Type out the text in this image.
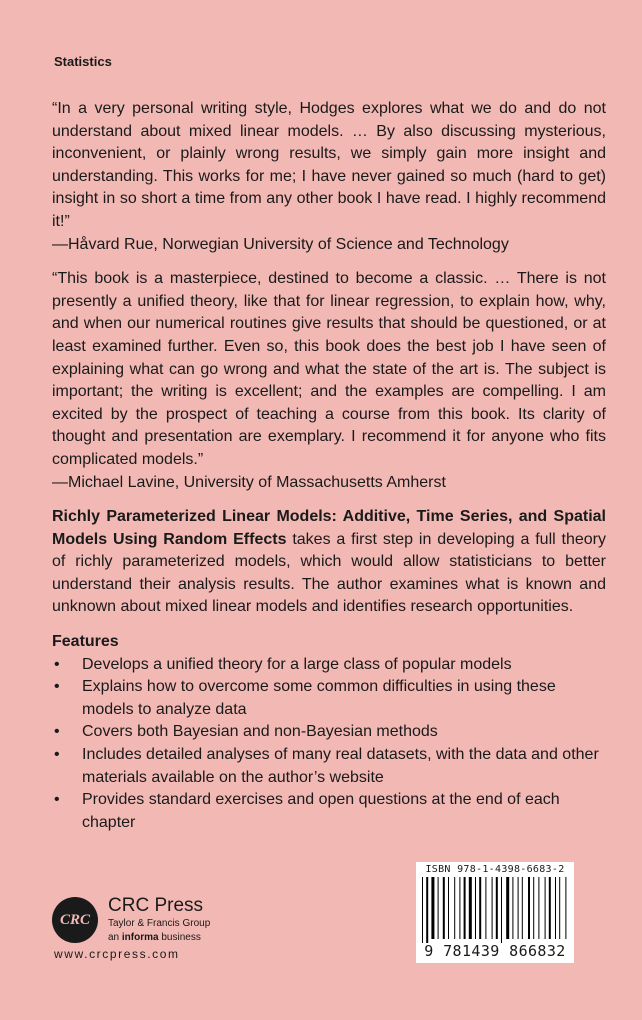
Statistics

“In a very personal writing style, Hodges explores what we do and do not understand about mixed linear models. … By also discussing mysterious, inconvenient, or plainly wrong results, we simply gain more insight and understanding. This works for me; I have never gained so much (hard to get) insight in so short a time from any other book I have read. I highly recommend it!”

—Håvard Rue, Norwegian University of Science and Technology

“This book is a masterpiece, destined to become a classic. … There is not presently a unified theory, like that for linear regression, to explain how, why, and when our numerical routines give results that should be questioned, or at least examined further. Even so, this book does the best job I have seen of explaining what can go wrong and what the state of the art is. The subject is important; the writing is excellent; and the examples are compelling. I am excited by the prospect of teaching a course from this book. Its clarity of thought and presentation are exemplary. I recommend it for anyone who fits complicated models.”

—Michael Lavine, University of Massachusetts Amherst

Richly Parameterized Linear Models: Additive, Time Series, and Spatial Models Using Random Effects takes a first step in developing a full theory of richly parameterized models, which would allow statisticians to better understand their analysis results. The author examines what is known and unknown about mixed linear models and identifies research opportunities.

Features

• Develops a unified theory for a large class of popular models
• Explains how to overcome some common difficulties in using these models to analyze data
• Covers both Bayesian and non-Bayesian methods
• Includes detailed analyses of many real datasets, with the data and other materials available on the author’s website
• Provides standard exercises and open questions at the end of each chapter
CRC
CRC Press
Taylor & Francis Group
an informa business
www.crcpress.com
ISBN 978-1-4398-6683-2
9 781439 866832
